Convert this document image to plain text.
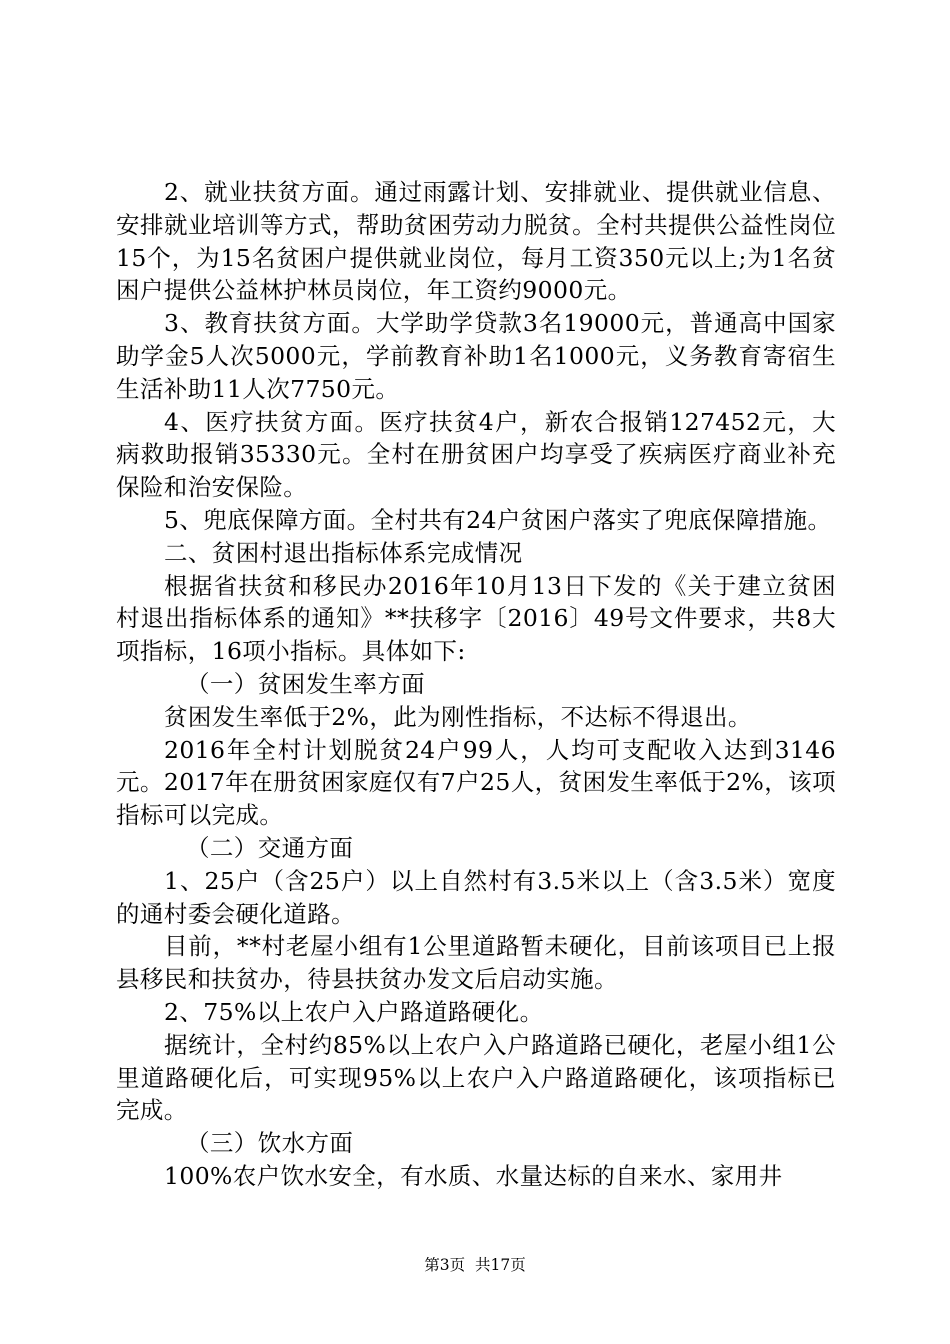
2、就业扶贫方面。通过雨露计划、安排就业、提供就业信息、安排就业培训等方式，帮助贫困劳动力脱贫。全村共提供公益性岗位15个，为15名贫困户提供就业岗位，每月工资350元以上;为1名贫困户提供公益林护林员岗位，年工资约9000元。

3、教育扶贫方面。大学助学贷款3名19000元，普通高中国家助学金5人次5000元，学前教育补助1名1000元，义务教育寄宿生生活补助11人次7750元。

4、医疗扶贫方面。医疗扶贫4户，新农合报销127452元，大病救助报销35330元。全村在册贫困户均享受了疾病医疗商业补充保险和治安保险。

5、兜底保障方面。全村共有24户贫困户落实了兜底保障措施。

二、贫困村退出指标体系完成情况

根据省扶贫和移民办2016年10月13日下发的《关于建立贫困村退出指标体系的通知》**扶移字〔2016〕49号文件要求，共8大项指标，16项小指标。具体如下:

（一）贫困发生率方面

贫困发生率低于2%，此为刚性指标，不达标不得退出。

2016年全村计划脱贫24户99人，人均可支配收入达到3146元。2017年在册贫困家庭仅有7户25人，贫困发生率低于2%，该项指标可以完成。

（二）交通方面

1、25户（含25户）以上自然村有3.5米以上（含3.5米）宽度的通村委会硬化道路。

目前，**村老屋小组有1公里道路暂未硬化，目前该项目已上报县移民和扶贫办，待县扶贫办发文后启动实施。

2、75%以上农户入户路道路硬化。

据统计，全村约85%以上农户入户路道路已硬化，老屋小组1公里道路硬化后，可实现95%以上农户入户路道路硬化，该项指标已完成。

（三）饮水方面

100%农户饮水安全，有水质、水量达标的自来水、家用井

第3页  共17页
